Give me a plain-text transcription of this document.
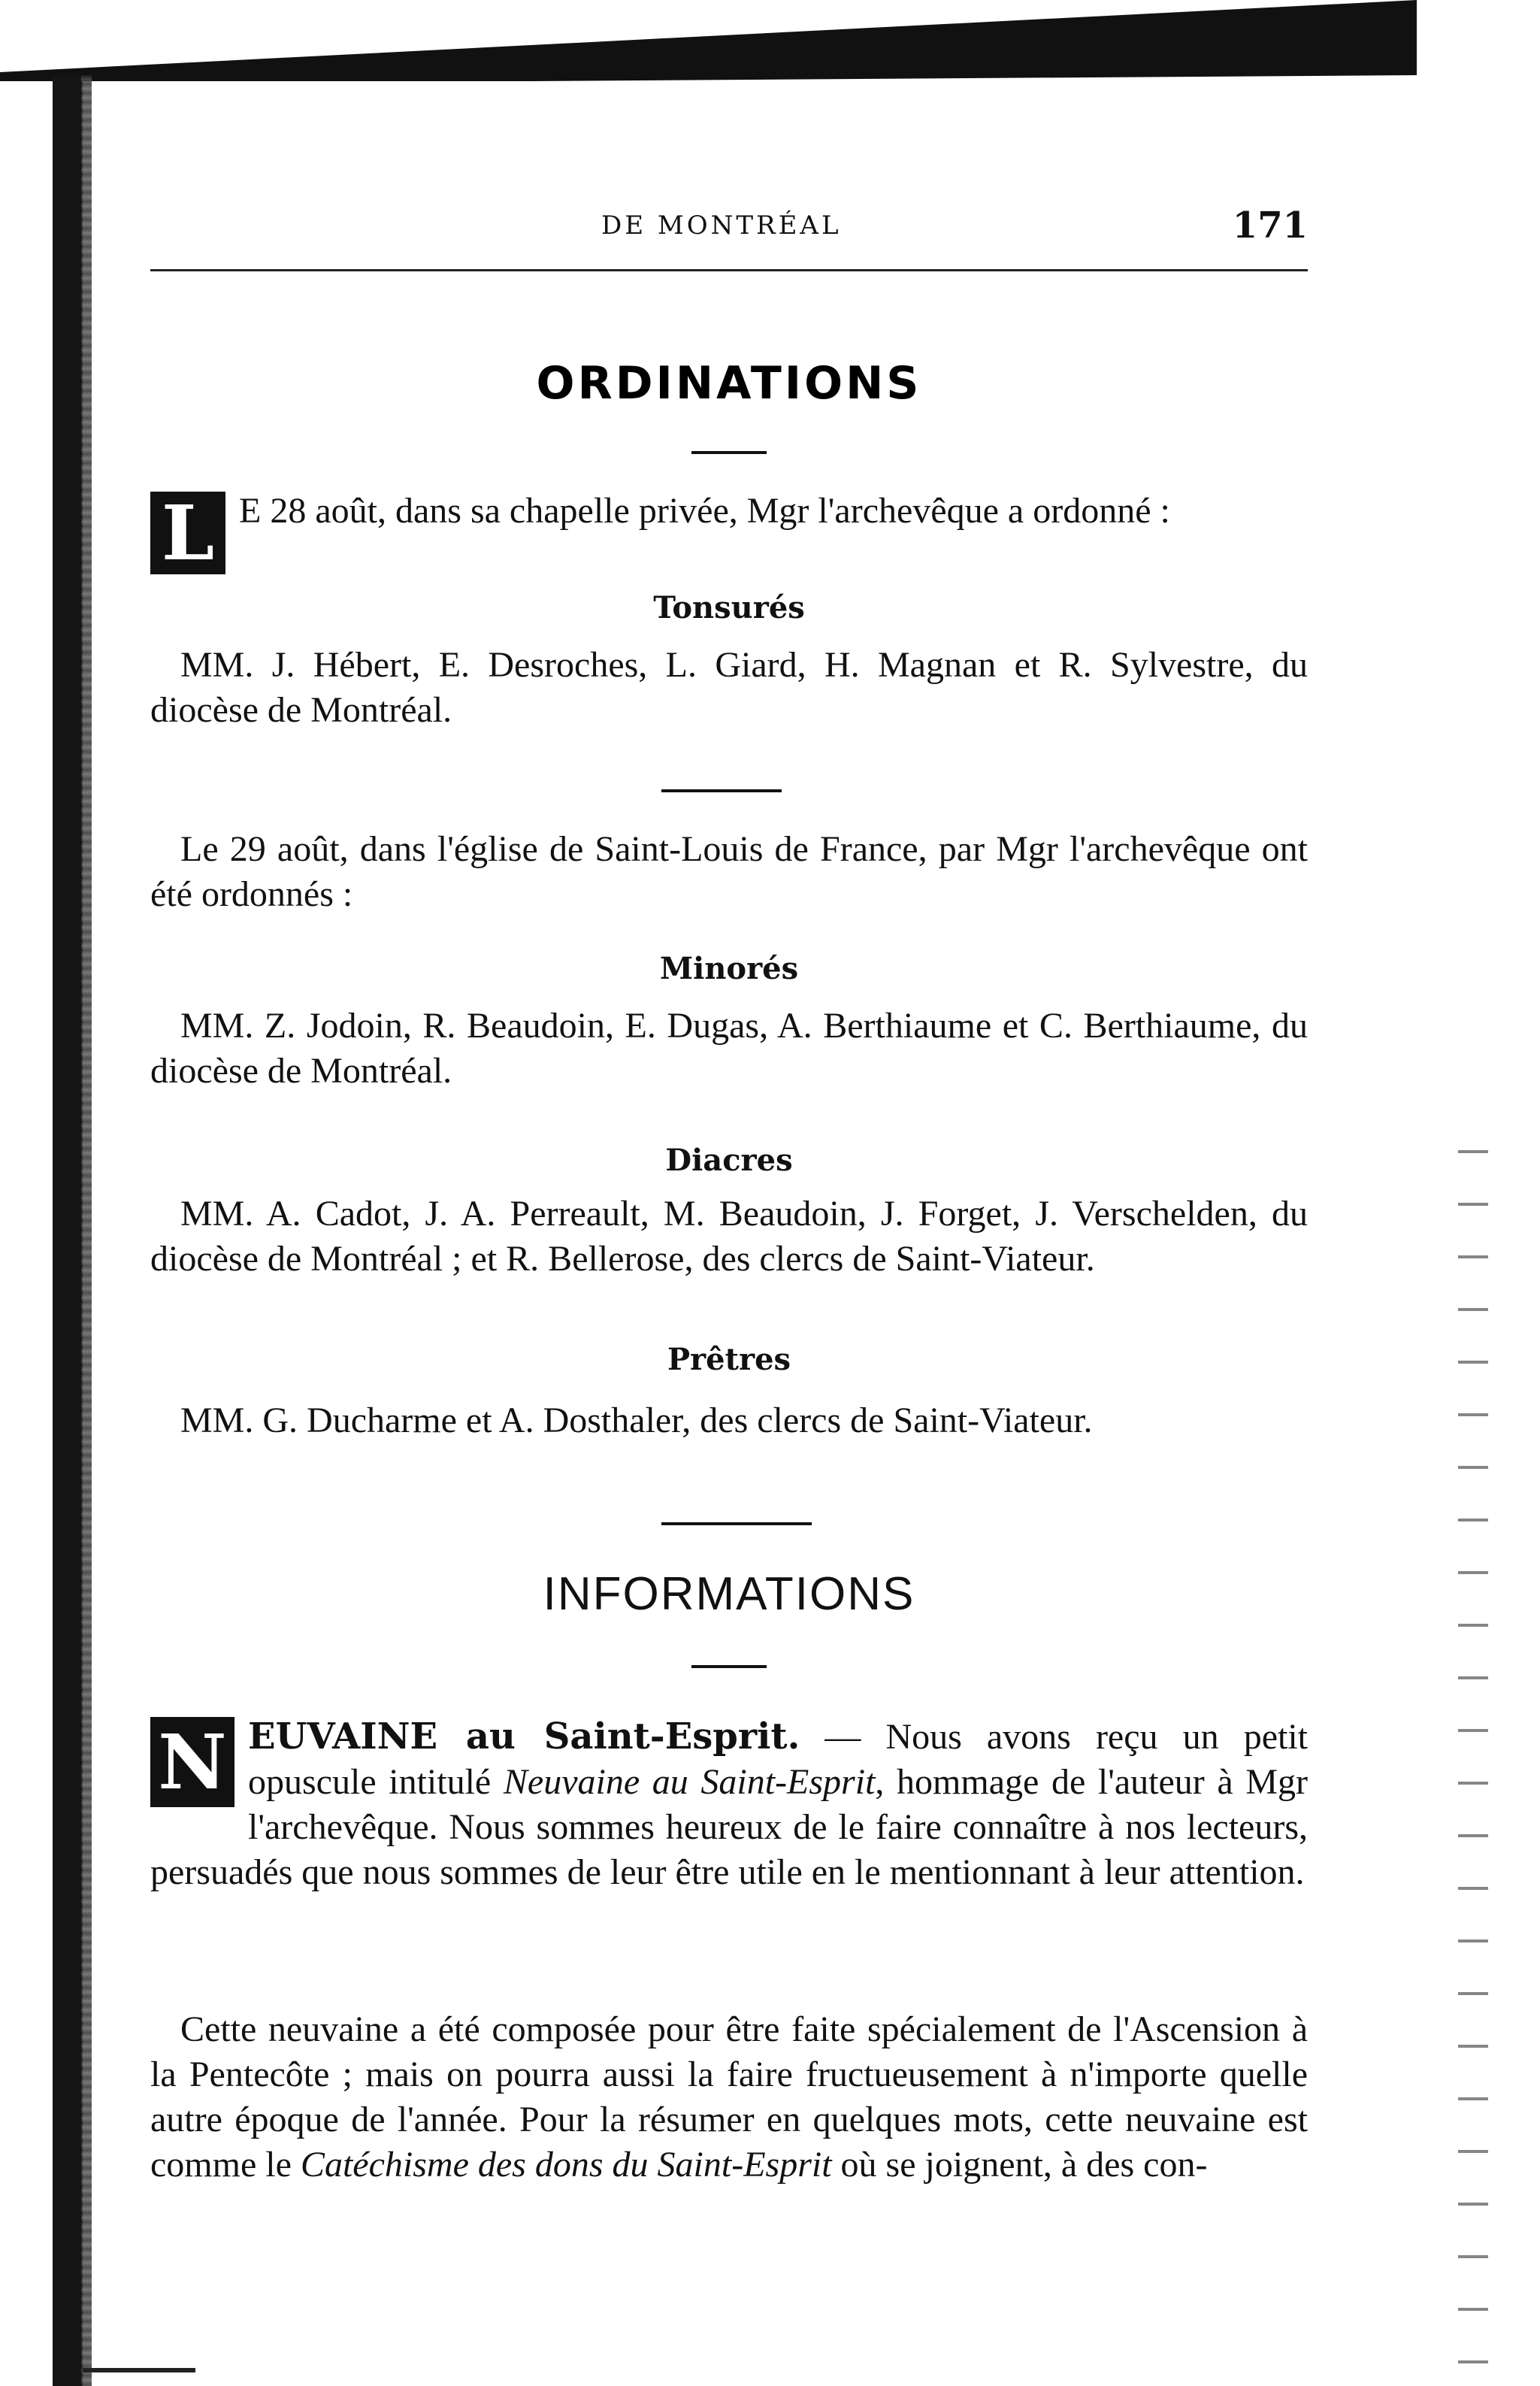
DE MONTRÉAL	171
ORDINATIONS
L E 28 août, dans sa chapelle privée, Mgr l'archevêque a ordonné :
Tonsurés
MM. J. Hébert, E. Desroches, L. Giard, H. Magnan et R. Sylvestre, du diocèse de Montréal.
Le 29 août, dans l'église de Saint-Louis de France, par Mgr l'archevêque ont été ordonnés :
Minorés
MM. Z. Jodoin, R. Beaudoin, E. Dugas, A. Berthiaume et C. Berthiaume, du diocèse de Montréal.
Diacres
MM. A. Cadot, J. A. Perreault, M. Beaudoin, J. Forget, J. Verschelden, du diocèse de Montréal ; et R. Bellerose, des clercs de Saint-Viateur.
Prêtres
MM. G. Ducharme et A. Dosthaler, des clercs de Saint-Viateur.
INFORMATIONS
N EUVAINE au Saint-Esprit. — Nous avons reçu un petit opuscule intitulé Neuvaine au Saint-Esprit, hommage de l'auteur à Mgr l'archevêque. Nous sommes heureux de le faire connaître à nos lecteurs, persuadés que nous sommes de leur être utile en le mentionnant à leur attention.
Cette neuvaine a été composée pour être faite spécialement de l'Ascension à la Pentecôte ; mais on pourra aussi la faire fructueusement à n'importe quelle autre époque de l'année. Pour la résumer en quelques mots, cette neuvaine est comme le Catéchisme des dons du Saint-Esprit où se joignent, à des con-
